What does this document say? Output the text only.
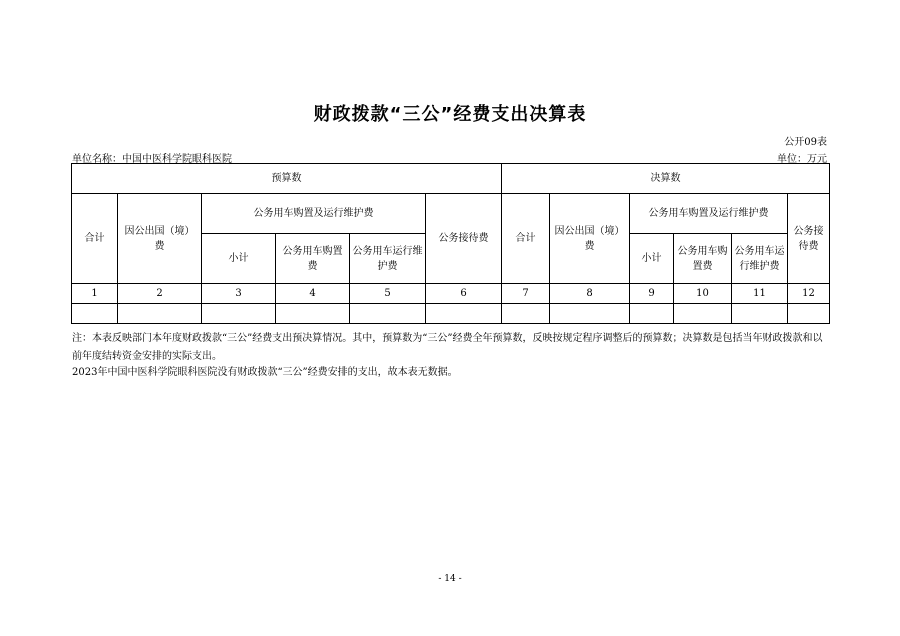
财政拨款“三公”经费支出决算表
公开09表
单位名称：中国中医科学院眼科医院	单位：万元
预算数						决算数					
合计	因公出国（境）费	公务用车购置及运行维护费			公务接待费	合计	因公出国（境）费	公务用车购置及运行维护费			公务接待费
		小计	公务用车购置费	公务用车运行维护费				小计	公务用车购置费	公务用车运行维护费	
1	2	3	4	5	6	7	8	9	10	11	12

注：本表反映部门本年度财政拨款“三公”经费支出预决算情况。其中，预算数为“三公”经费全年预算数，反映按规定程序调整后的预算数；决算数是包括当年财政拨款和以前年度结转资金安排的实际支出。
2023年中国中医科学院眼科医院没有财政拨款“三公”经费安排的支出，故本表无数据。
- 14 -
